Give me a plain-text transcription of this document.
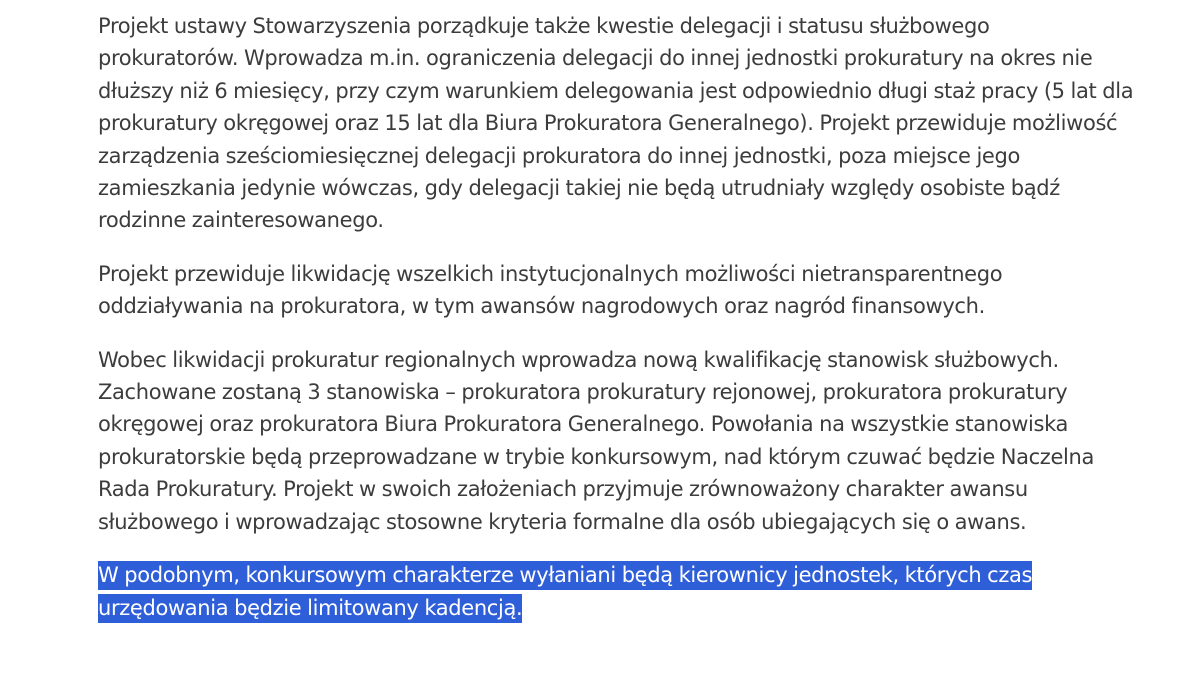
Projekt ustawy Stowarzyszenia porządkuje także kwestie delegacji i statusu służbowego
prokuratorów. Wprowadza m.in. ograniczenia delegacji do innej jednostki prokuratury na okres nie
dłuższy niż 6 miesięcy, przy czym warunkiem delegowania jest odpowiednio długi staż pracy (5 lat dla
prokuratury okręgowej oraz 15 lat dla Biura Prokuratora Generalnego). Projekt przewiduje możliwość
zarządzenia sześciomiesięcznej delegacji prokuratora do innej jednostki, poza miejsce jego
zamieszkania jedynie wówczas, gdy delegacji takiej nie będą utrudniały względy osobiste bądź
rodzinne zainteresowanego.

Projekt przewiduje likwidację wszelkich instytucjonalnych możliwości nietransparentnego
oddziaływania na prokuratora, w tym awansów nagrodowych oraz nagród finansowych.

Wobec likwidacji prokuratur regionalnych wprowadza nową kwalifikację stanowisk służbowych.
Zachowane zostaną 3 stanowiska – prokuratora prokuratury rejonowej, prokuratora prokuratury
okręgowej oraz prokuratora Biura Prokuratora Generalnego. Powołania na wszystkie stanowiska
prokuratorskie będą przeprowadzane w trybie konkursowym, nad którym czuwać będzie Naczelna
Rada Prokuratury. Projekt w swoich założeniach przyjmuje zrównoważony charakter awansu
służbowego i wprowadzając stosowne kryteria formalne dla osób ubiegających się o awans.

W podobnym, konkursowym charakterze wyłaniani będą kierownicy jednostek, których czas
urzędowania będzie limitowany kadencją.
